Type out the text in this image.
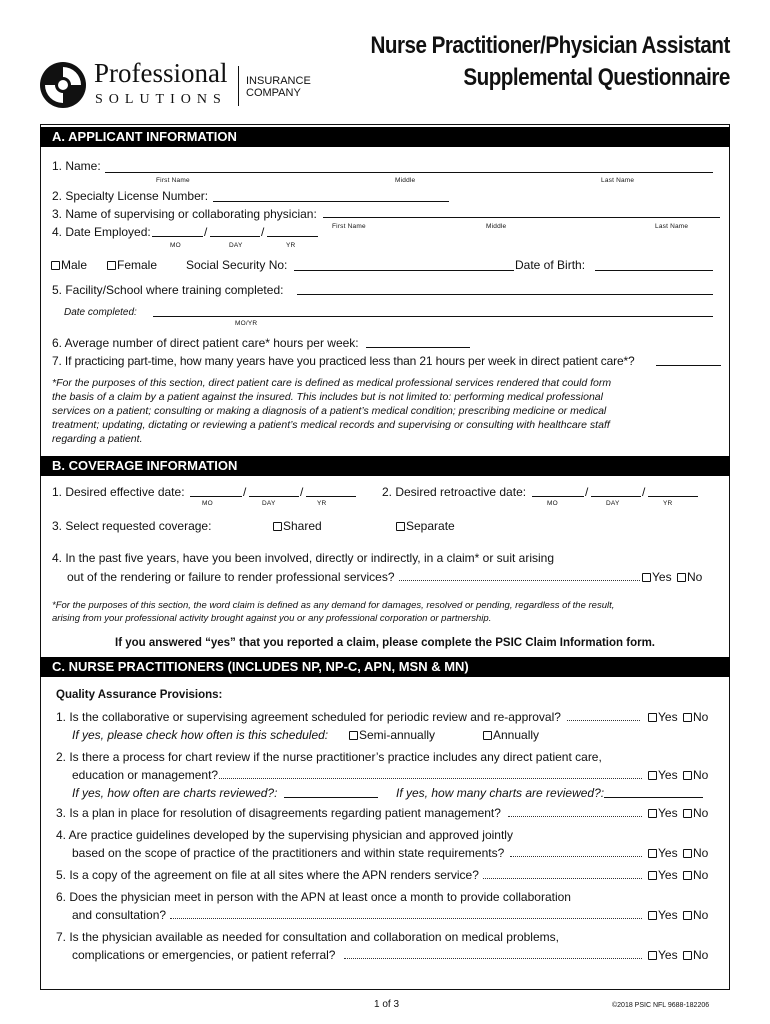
Professional
SOLUTIONS
INSURANCE
COMPANY
Nurse Practitioner/Physician Assistant
Supplemental Questionnaire
A. APPLICANT INFORMATION
1. Name:
First Name	Middle	Last Name
2. Specialty License Number:
3. Name of supervising or collaborating physician:
First Name	Middle	Last Name
4. Date Employed:	/	/
MO	DAY	YR
Male	Female Social Security No:	Date of Birth:
5. Facility/School where training completed:
Date completed:
MO/YR
6. Average number of direct patient care* hours per week:
7. If practicing part-time, how many years have you practiced less than 21 hours per week in direct patient care*?
*For the purposes of this section, direct patient care is defined as medical professional services rendered that could form
the basis of a claim by a patient against the insured. This includes but is not limited to: performing medical professional
services on a patient; consulting or making a diagnosis of a patient’s medical condition; prescribing medicine or medical
treatment; updating, dictating or reviewing a patient’s medical records and supervising or consulting with healthcare staff
regarding a patient.
B. COVERAGE INFORMATION
1. Desired effective date:	/	/
MO	DAY	YR
2. Desired retroactive date:	/	/
MO	DAY	YR
3. Select requested coverage:	Shared	Separate
4. In the past five years, have you been involved, directly or indirectly, in a claim* or suit arising
out of the rendering or failure to render professional services?	Yes	No
*For the purposes of this section, the word claim is defined as any demand for damages, resolved or pending, regardless of the result,
arising from your professional activity brought against you or any professional corporation or partnership.
If you answered “yes” that you reported a claim, please complete the PSIC Claim Information form.
C. NURSE PRACTITIONERS (INCLUDES NP, NP-C, APN, MSN & MN)
Quality Assurance Provisions:
1. Is the collaborative or supervising agreement scheduled for periodic review and re-approval?	Yes	No
If yes, please check how often is this scheduled:	Semi-annually	Annually
2. Is there a process for chart review if the nurse practitioner’s practice includes any direct patient care,
education or management?	Yes	No
If yes, how often are charts reviewed?:	If yes, how many charts are reviewed?:
3. Is a plan in place for resolution of disagreements regarding patient management?	Yes	No
4. Are practice guidelines developed by the supervising physician and approved jointly
based on the scope of practice of the practitioners and within state requirements?	Yes	No
5. Is a copy of the agreement on file at all sites where the APN renders service?	Yes	No
6. Does the physician meet in person with the APN at least once a month to provide collaboration
and consultation?	Yes	No
7. Is the physician available as needed for consultation and collaboration on medical problems,
complications or emergencies, or patient referral?	Yes	No
1 of 3	©2018 PSIC NFL 9688-182206
